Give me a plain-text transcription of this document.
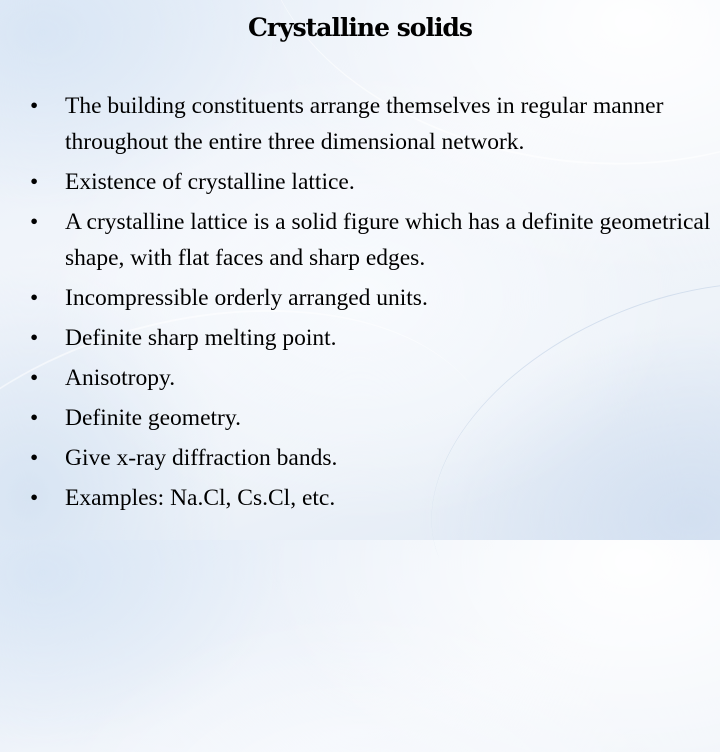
Crystalline solids
•	The building constituents arrange themselves in regular manner throughout the entire three dimensional network.
•	Existence of crystalline lattice.
•	A crystalline lattice is a solid figure which has a definite geometrical shape, with flat faces and sharp edges.
•	Incompressible orderly arranged units.
•	Definite sharp melting point.
•	Anisotropy.
•	Definite geometry.
•	Give x-ray diffraction bands.
•	Examples: Na.Cl, Cs.Cl, etc.
